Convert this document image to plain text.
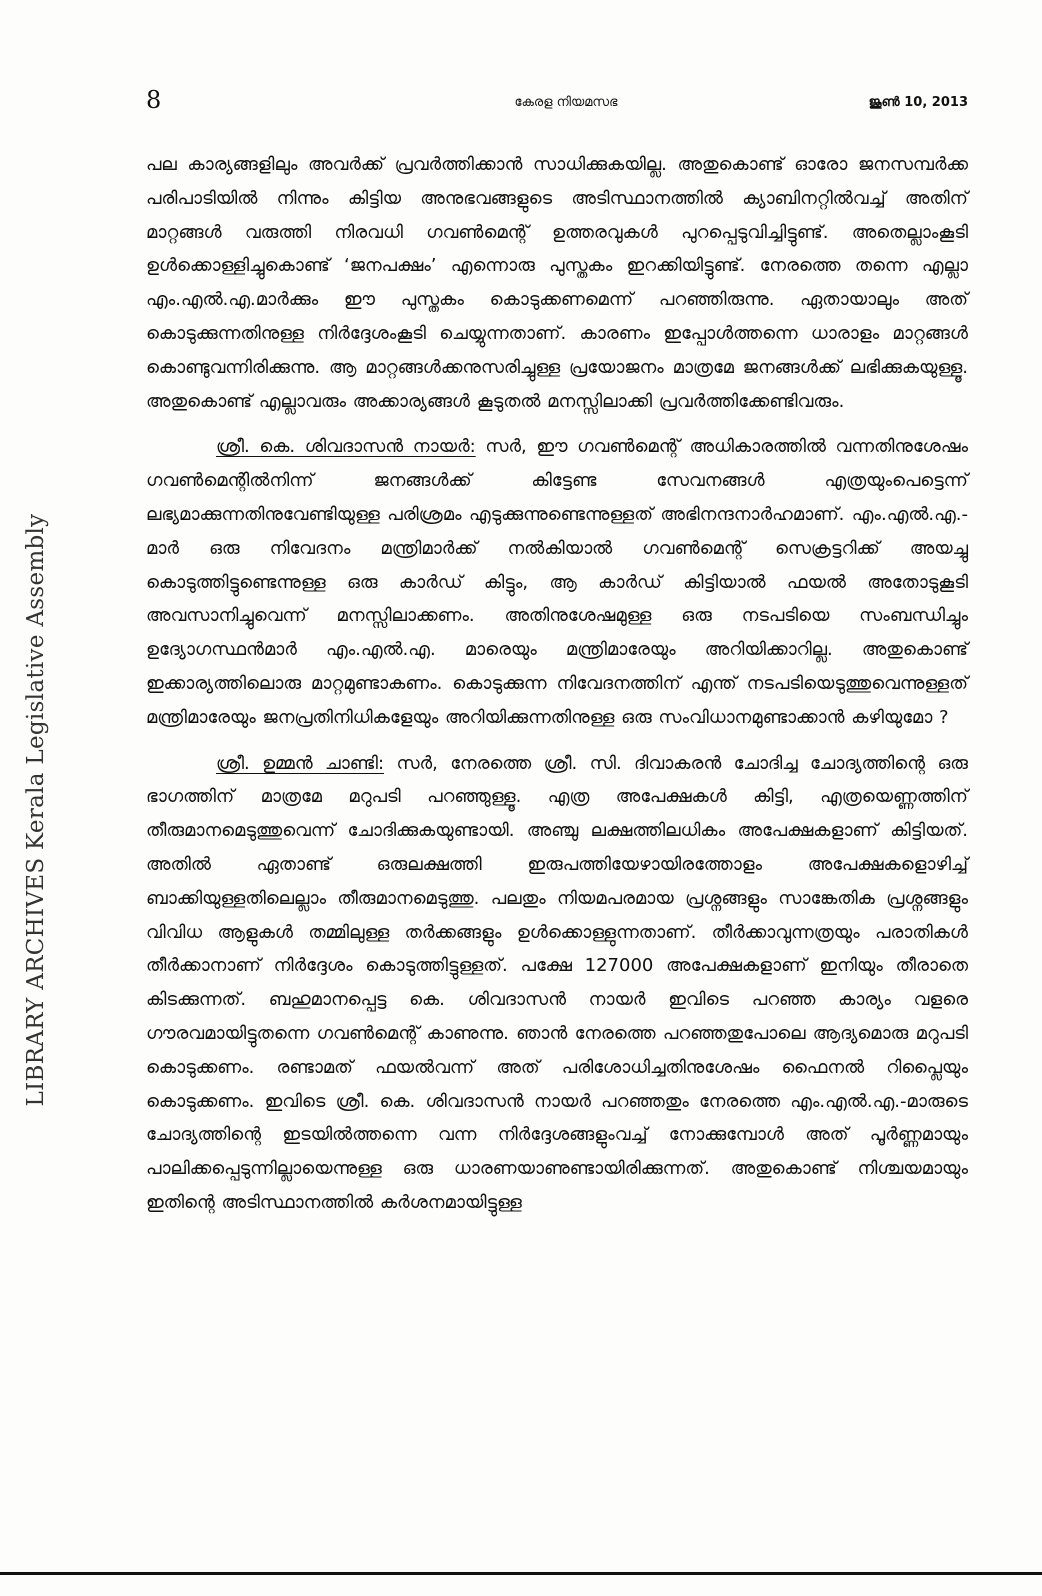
8	കേരള നിയമസഭ	ജൂൺ 10, 2013
LIBRARY ARCHIVES Kerala Legislative Assembly

പല കാര്യങ്ങളിലും അവർക്ക് പ്രവർത്തിക്കാൻ സാധിക്കുകയില്ല. അതുകൊണ്ട് ഓരോ ജനസമ്പർക്ക പരിപാടിയിൽ നിന്നും കിട്ടിയ അനുഭവങ്ങളുടെ അടിസ്ഥാനത്തിൽ ക്യാബിനറ്റിൽവച്ച് അതിന് മാറ്റങ്ങൾ വരുത്തി നിരവധി ഗവൺമെന്റ് ഉത്തരവുകൾ പുറപ്പെടുവിച്ചിട്ടുണ്ട്. അതെല്ലാംകൂടി ഉൾക്കൊള്ളിച്ചുകൊണ്ട് ‘ജനപക്ഷം’ എന്നൊരു പുസ്തകം ഇറക്കിയിട്ടുണ്ട്. നേരത്തെ തന്നെ എല്ലാ എം.എൽ.എ.മാർക്കും ഈ പുസ്തകം കൊടുക്കണമെന്ന് പറഞ്ഞിരുന്നു. ഏതായാലും അത് കൊടുക്കുന്നതിനുള്ള നിർദ്ദേശംകൂടി ചെയ്യുന്നതാണ്. കാരണം ഇപ്പോൾത്തന്നെ ധാരാളം മാറ്റങ്ങൾ കൊണ്ടുവന്നിരിക്കുന്നു. ആ മാറ്റങ്ങൾക്കനുസരിച്ചുള്ള പ്രയോജനം മാത്രമേ ജനങ്ങൾക്ക് ലഭിക്കുകയുള്ളൂ. അതുകൊണ്ട് എല്ലാവരും അക്കാര്യങ്ങൾ കൂടുതൽ മനസ്സിലാക്കി പ്രവർത്തിക്കേണ്ടിവരും.

ശ്രീ. കെ. ശിവദാസൻ നായർ: സർ, ഈ ഗവൺമെന്റ് അധികാരത്തിൽ വന്നതിനുശേഷം ഗവൺമെന്റിൽനിന്ന് ജനങ്ങൾക്ക് കിട്ടേണ്ട സേവനങ്ങൾ എത്രയുംപെട്ടെന്ന് ലഭ്യമാക്കുന്നതിനുവേണ്ടിയുള്ള പരിശ്രമം എടുക്കുന്നുണ്ടെന്നുള്ളത് അഭിനന്ദനാർഹമാണ്. എം.എൽ.എ.-മാർ ഒരു നിവേദനം മന്ത്രിമാർക്ക് നൽകിയാൽ ഗവൺമെന്റ് സെക്രട്ടറിക്ക് അയച്ചു കൊടുത്തിട്ടുണ്ടെന്നുള്ള ഒരു കാർഡ് കിട്ടും, ആ കാർഡ് കിട്ടിയാൽ ഫയൽ അതോടുകൂടി അവസാനിച്ചുവെന്ന് മനസ്സിലാക്കണം. അതിനുശേഷമുള്ള ഒരു നടപടിയെ സംബന്ധിച്ചും ഉദ്യോഗസ്ഥൻമാർ എം.എൽ.എ. മാരെയും മന്ത്രിമാരേയും അറിയിക്കാറില്ല. അതുകൊണ്ട് ഇക്കാര്യത്തിലൊരു മാറ്റമുണ്ടാകണം. കൊടുക്കുന്ന നിവേദനത്തിന് എന്ത് നടപടിയെടുത്തുവെന്നുള്ളത് മന്ത്രിമാരേയും ജനപ്രതിനിധികളേയും അറിയിക്കുന്നതിനുള്ള ഒരു സംവിധാനമുണ്ടാക്കാൻ കഴിയുമോ ?

ശ്രീ. ഉമ്മൻ ചാണ്ടി: സർ, നേരത്തെ ശ്രീ. സി. ദിവാകരൻ ചോദിച്ച ചോദ്യത്തിന്റെ ഒരു ഭാഗത്തിന് മാത്രമേ മറുപടി പറഞ്ഞുള്ളൂ. എത്ര അപേക്ഷകൾ കിട്ടി, എത്രയെണ്ണത്തിന് തീരുമാനമെടുത്തുവെന്ന് ചോദിക്കുകയുണ്ടായി. അഞ്ചു ലക്ഷത്തിലധികം അപേക്ഷകളാണ് കിട്ടിയത്. അതിൽ ഏതാണ്ട് ഒരുലക്ഷത്തി ഇരുപത്തിയേഴായിരത്തോളം അപേക്ഷകളൊഴിച്ച് ബാക്കിയുള്ളതിലെല്ലാം തീരുമാനമെടുത്തു. പലതും നിയമപരമായ പ്രശ്നങ്ങളും സാങ്കേതിക പ്രശ്നങ്ങളും വിവിധ ആളുകൾ തമ്മിലുള്ള തർക്കങ്ങളും ഉൾക്കൊള്ളുന്നതാണ്. തീർക്കാവുന്നത്രയും പരാതികൾ തീർക്കാനാണ് നിർദ്ദേശം കൊടുത്തിട്ടുള്ളത്. പക്ഷേ 127000 അപേക്ഷകളാണ് ഇനിയും തീരാതെ കിടക്കുന്നത്. ബഹുമാനപ്പെട്ട കെ. ശിവദാസൻ നായർ ഇവിടെ പറഞ്ഞ കാര്യം വളരെ ഗൗരവമായിട്ടുതന്നെ ഗവൺമെന്റ് കാണുന്നു. ഞാൻ നേരത്തെ പറഞ്ഞതുപോലെ ആദ്യമൊരു മറുപടി കൊടുക്കണം. രണ്ടാമത് ഫയൽവന്ന് അത് പരിശോധിച്ചതിനുശേഷം ഫൈനൽ റിപ്ലൈയും കൊടുക്കണം. ഇവിടെ ശ്രീ. കെ. ശിവദാസൻ നായർ പറഞ്ഞതും നേരത്തെ എം.എൽ.എ.-മാരുടെ ചോദ്യത്തിന്റെ ഇടയിൽത്തന്നെ വന്ന നിർദ്ദേശങ്ങളുംവച്ച് നോക്കുമ്പോൾ അത് പൂർണ്ണമായും പാലിക്കപ്പെടുന്നില്ലായെന്നുള്ള ഒരു ധാരണയാണുണ്ടായിരിക്കുന്നത്. അതുകൊണ്ട് നിശ്ചയമായും ഇതിന്റെ അടിസ്ഥാനത്തിൽ കർശനമായിട്ടുള്ള
